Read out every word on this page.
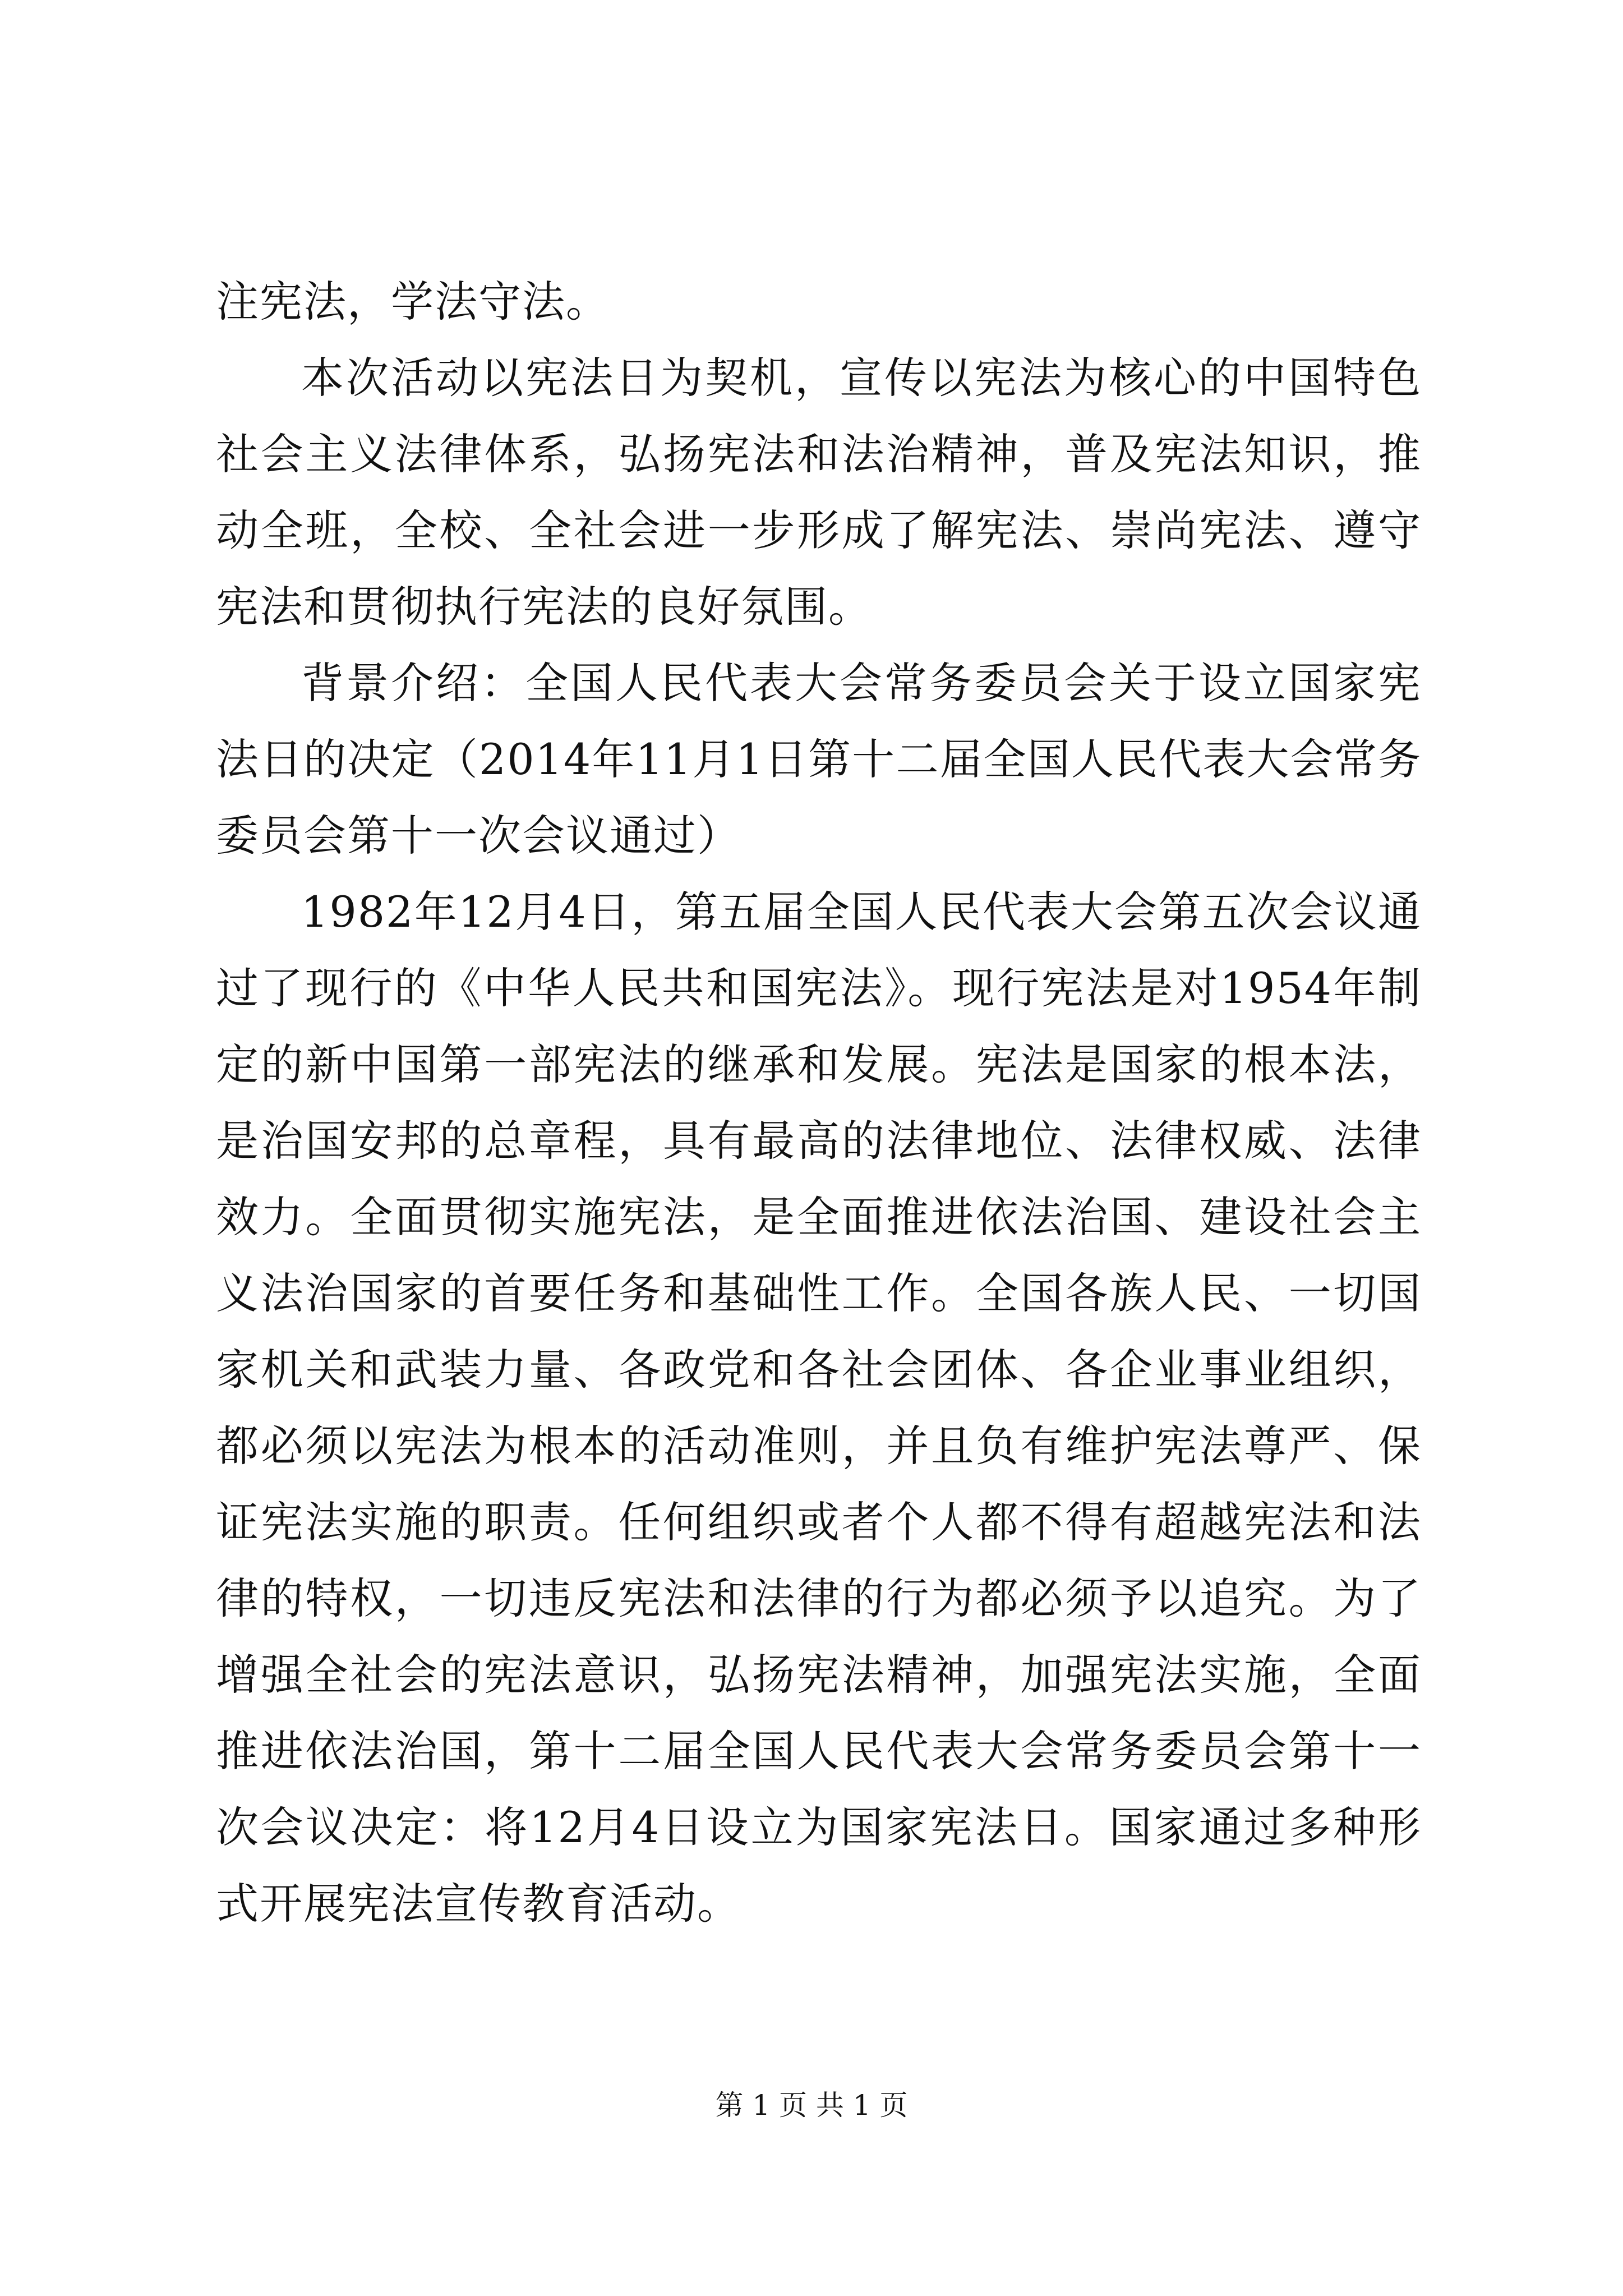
注宪法，学法守法。

本次活动以宪法日为契机，宣传以宪法为核心的中国特色社会主义法律体系，弘扬宪法和法治精神，普及宪法知识，推动全班，全校、全社会进一步形成了解宪法、崇尚宪法、遵守宪法和贯彻执行宪法的良好氛围。

背景介绍：全国人民代表大会常务委员会关于设立国家宪法日的决定（2014年11月1日第十二届全国人民代表大会常务委员会第十一次会议通过）

1982年12月4日，第五届全国人民代表大会第五次会议通过了现行的《中华人民共和国宪法》。现行宪法是对1954年制定的新中国第一部宪法的继承和发展。宪法是国家的根本法，是治国安邦的总章程，具有最高的法律地位、法律权威、法律效力。全面贯彻实施宪法，是全面推进依法治国、建设社会主义法治国家的首要任务和基础性工作。全国各族人民、一切国家机关和武装力量、各政党和各社会团体、各企业事业组织，都必须以宪法为根本的活动准则，并且负有维护宪法尊严、保证宪法实施的职责。任何组织或者个人都不得有超越宪法和法律的特权，一切违反宪法和法律的行为都必须予以追究。为了增强全社会的宪法意识，弘扬宪法精神，加强宪法实施，全面推进依法治国，第十二届全国人民代表大会常务委员会第十一次会议决定：将12月4日设立为国家宪法日。国家通过多种形式开展宪法宣传教育活动。

第 1 页 共 1 页
